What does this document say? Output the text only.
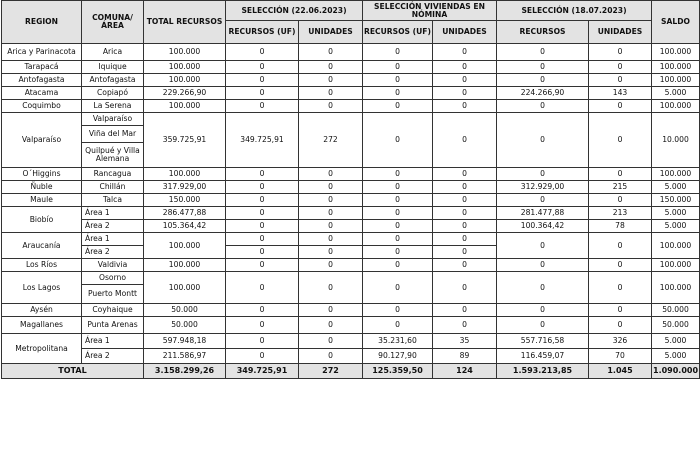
REGION	COMUNA/ ÁREA	TOTAL RECURSOS	SELECCIÓN (22.06.2023)		SELECCIÓN VIVIENDAS EN NÓMINA		SELECCIÓN (18.07.2023)		SALDO
			RECURSOS (UF)	UNIDADES	RECURSOS (UF)	UNIDADES	RECURSOS	UNIDADES	
Arica y Parinacota	Arica	100.000	0	0	0	0	0	0	100.000
Tarapacá	Iquique	100.000	0	0	0	0	0	0	100.000
Antofagasta	Antofagasta	100.000	0	0	0	0	0	0	100.000
Atacama	Copiapó	229.266,90	0	0	0	0	224.266,90	143	5.000
Coquimbo	La Serena	100.000	0	0	0	0	0	0	100.000
Valparaíso	Valparaíso	359.725,91	349.725,91	272	0	0	0	0	10.000
	Viña del Mar								
	Quilpué y Villa Alemana								
O´Higgins	Rancagua	100.000	0	0	0	0	0	0	100.000
Ñuble	Chillán	317.929,00	0	0	0	0	312.929,00	215	5.000
Maule	Talca	150.000	0	0	0	0	0	0	150.000
Biobío	Área 1	286.477,88	0	0	0	0	281.477,88	213	5.000
	Área 2	105.364,42	0	0	0	0	100.364,42	78	5.000
Araucanía	Área 1	100.000	0	0	0	0	0	0	100.000
	Área 2		0	0	0	0			
Los Ríos	Valdivia	100.000	0	0	0	0	0	0	100.000
Los Lagos	Osorno	100.000	0	0	0	0	0	0	100.000
	Puerto Montt								
Aysén	Coyhaique	50.000	0	0	0	0	0	0	50.000
Magallanes	Punta Arenas	50.000	0	0	0	0	0	0	50.000
Metropolitana	Área 1	597.948,18	0	0	35.231,60	35	557.716,58	326	5.000
	Área 2	211.586,97	0	0	90.127,90	89	116.459,07	70	5.000
TOTAL		3.158.299,26	349.725,91	272	125.359,50	124	1.593.213,85	1.045	1.090.000
